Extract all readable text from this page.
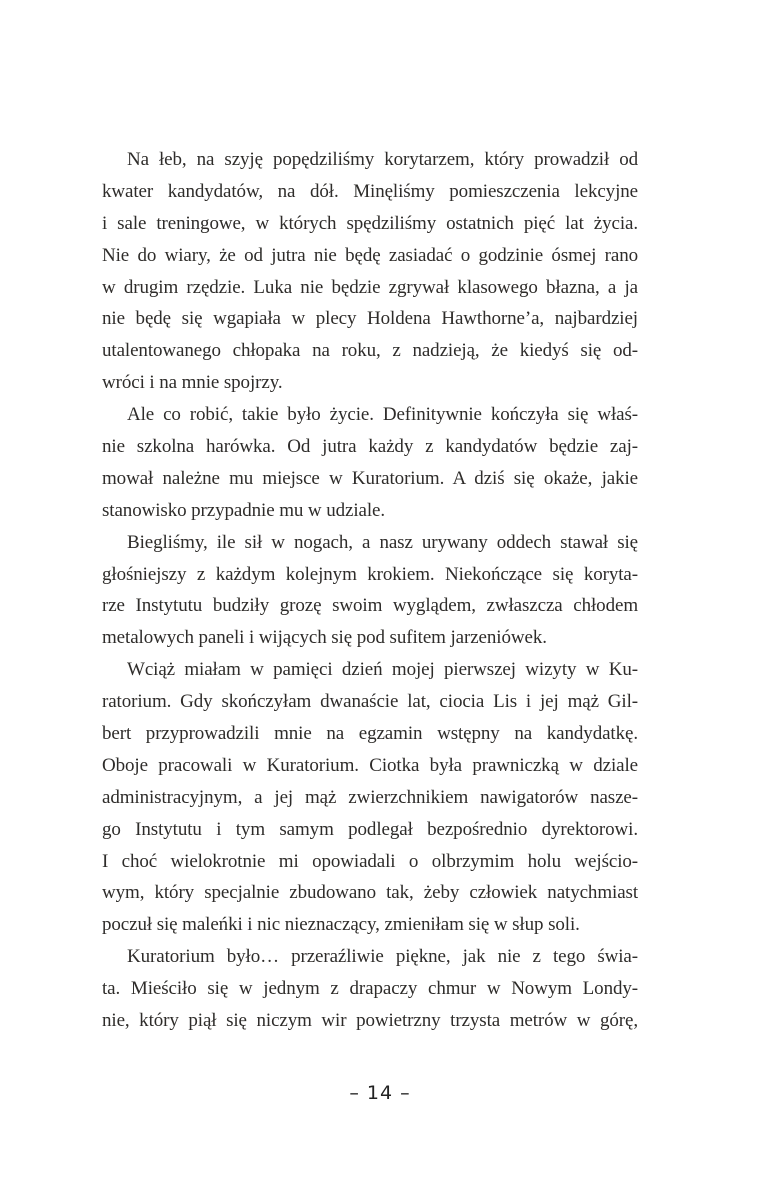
Na łeb, na szyję popędziliśmy korytarzem, który prowadził od
kwater kandydatów, na dół. Minęliśmy pomieszczenia lekcyjne
i sale treningowe, w których spędziliśmy ostatnich pięć lat życia.
Nie do wiary, że od jutra nie będę zasiadać o godzinie ósmej rano
w drugim rzędzie. Luka nie będzie zgrywał klasowego błazna, a ja
nie będę się wgapiała w plecy Holdena Hawthorne’a, najbardziej
utalentowanego chłopaka na roku, z nadzieją, że kiedyś się od-
wróci i na mnie spojrzy.
Ale co robić, takie było życie. Definitywnie kończyła się właś-
nie szkolna harówka. Od jutra każdy z kandydatów będzie zaj-
mował należne mu miejsce w Kuratorium. A dziś się okaże, jakie
stanowisko przypadnie mu w udziale.
Biegliśmy, ile sił w nogach, a nasz urywany oddech stawał się
głośniejszy z każdym kolejnym krokiem. Niekończące się koryta-
rze Instytutu budziły grozę swoim wyglądem, zwłaszcza chłodem
metalowych paneli i wijących się pod sufitem jarzeniówek.
Wciąż miałam w pamięci dzień mojej pierwszej wizyty w Ku-
ratorium. Gdy skończyłam dwanaście lat, ciocia Lis i jej mąż Gil-
bert przyprowadzili mnie na egzamin wstępny na kandydatkę.
Oboje pracowali w Kuratorium. Ciotka była prawniczką w dziale
administracyjnym, a jej mąż zwierzchnikiem nawigatorów nasze-
go Instytutu i tym samym podlegał bezpośrednio dyrektorowi.
I choć wielokrotnie mi opowiadali o olbrzymim holu wejścio-
wym, który specjalnie zbudowano tak, żeby człowiek natychmiast
poczuł się maleńki i nic nieznaczący, zmieniłam się w słup soli.
Kuratorium było… przeraźliwie piękne, jak nie z tego świa-
ta. Mieściło się w jednym z drapaczy chmur w Nowym Londy-
nie, który piął się niczym wir powietrzny trzysta metrów w górę,
– 14 –
